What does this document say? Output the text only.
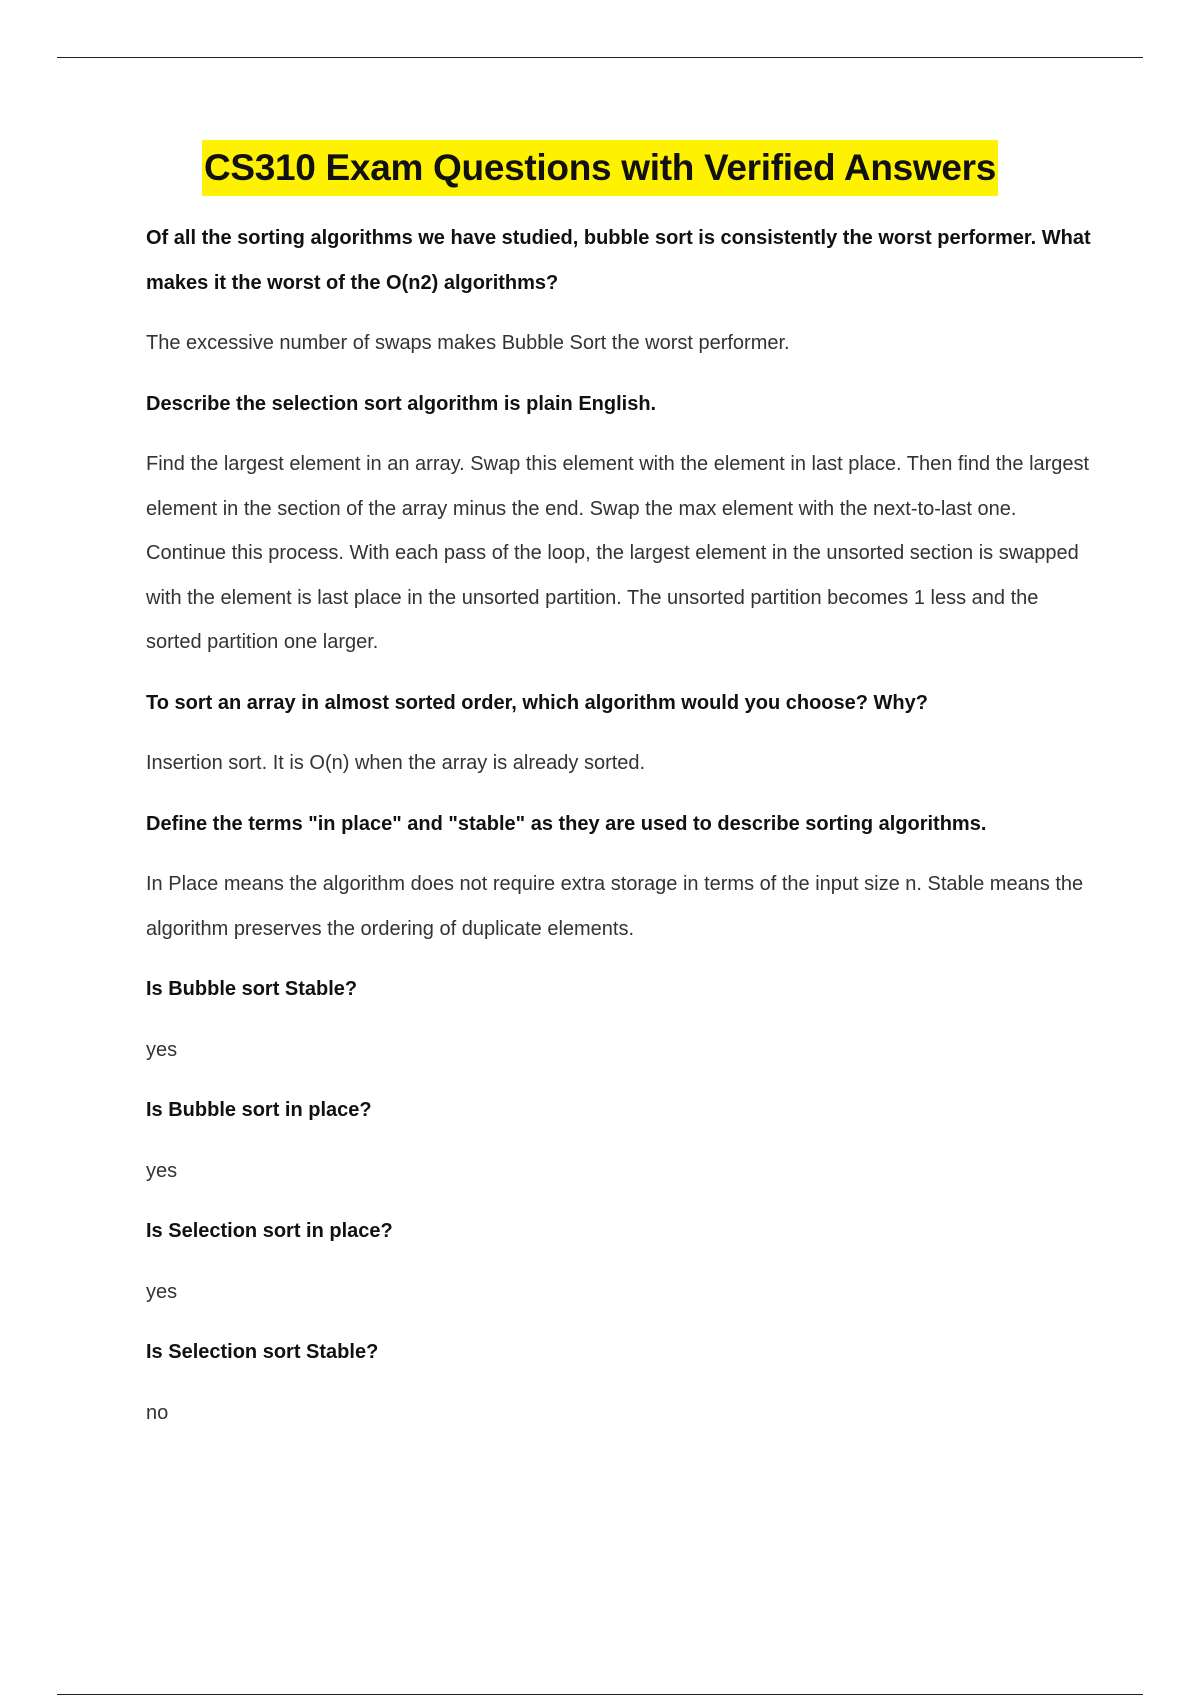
CS310 Exam Questions with Verified Answers

Of all the sorting algorithms we have studied, bubble sort is consistently the worst performer. What makes it the worst of the O(n2) algorithms?

The excessive number of swaps makes Bubble Sort the worst performer.

Describe the selection sort algorithm is plain English.

Find the largest element in an array. Swap this element with the element in last place. Then find the largest element in the section of the array minus the end. Swap the max element with the next-to-last one. Continue this process. With each pass of the loop, the largest element in the unsorted section is swapped with the element is last place in the unsorted partition. The unsorted partition becomes 1 less and the sorted partition one larger.

To sort an array in almost sorted order, which algorithm would you choose? Why?

Insertion sort. It is O(n) when the array is already sorted.

Define the terms "in place" and "stable" as they are used to describe sorting algorithms.

In Place means the algorithm does not require extra storage in terms of the input size n. Stable means the algorithm preserves the ordering of duplicate elements.

Is Bubble sort Stable?

yes

Is Bubble sort in place?

yes

Is Selection sort in place?

yes

Is Selection sort Stable?

no
